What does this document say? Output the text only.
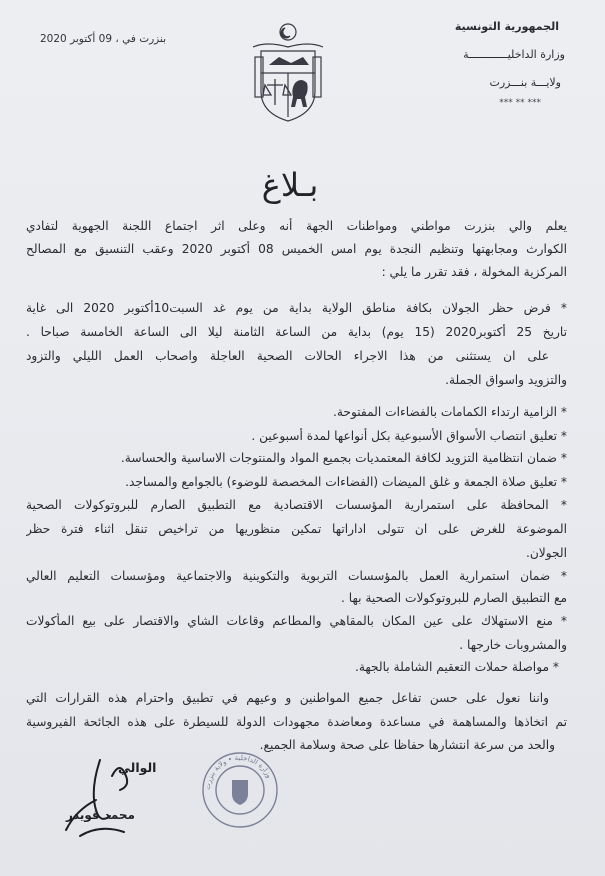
الجمهورية التونسية
وزارة الداخليــــــــــــة
ولايـــة بنـــزرت
*** ** ***
بنزرت في ، 09 أكتوبر 2020
بـلاغ
يعلم والي بنزرت مواطني ومواطنات الجهة أنه وعلى اثر اجتماع اللجنة الجهوية لتفادي
الكوارث ومجابهتها وتنظيم النجدة يوم امس الخميس 08 أكتوبر 2020 وعقب التنسيق مع المصالح
المركزية المخولة ، فقد تقرر ما يلي :
* فرض حظر الجولان بكافة مناطق الولاية بداية من يوم غد السبت10أكتوبر 2020 الى غاية
تاريخ 25 أكتوبر2020 (15 يوم) بداية من الساعة الثامنة ليلا الى الساعة الخامسة صباحا .
على ان يستثنى من هذا الاجراء الحالات الصحية العاجلة واصحاب العمل الليلي والتزود
والتزويد واسواق الجملة.
* الزامية ارتداء الكمامات بالفضاءات المفتوحة.
* تعليق انتصاب الأسواق الأسبوعية بكل أنواعها لمدة أسبوعين .
* ضمان انتظامية التزويد لكافة المعتمديات بجميع المواد والمنتوجات الاساسية والحساسة.
* تعليق صلاة الجمعة و غلق الميضات (الفضاءات المخصصة للوضوء) بالجوامع والمساجد.
* المحافظة على استمرارية المؤسسات الاقتصادية مع التطبيق الصارم للبروتوكولات الصحية
الموضوعة للغرض على ان تتولى اداراتها تمكين منظوريها من تراخيص تنقل اثناء فترة حظر
الجولان.
* ضمان استمرارية العمل بالمؤسسات التربوية والتكوينية والاجتماعية ومؤسسات التعليم العالي
مع التطبيق الصارم للبروتوكولات الصحية بها .
* منع الاستهلاك على عين المكان بالمقاهي والمطاعم وقاعات الشاي والاقتصار على بيع المأكولات
والمشروبات خارجها .
* مواصلة حملات التعقيم الشاملة بالجهة.
واننا نعول على حسن تفاعل جميع المواطنين و وعيهم في تطبيق واحترام هذه القرارات التي
تم اتخاذها والمساهمة في مساعدة ومعاضدة مجهودات الدولة للسيطرة على هذه الجائحة الفيروسية
والحد من سرعة انتشارها حفاظا على صحة وسلامة الجميع.
وزارة الداخلية • ولاية بنزرت
الوالي
محمد قويدر
